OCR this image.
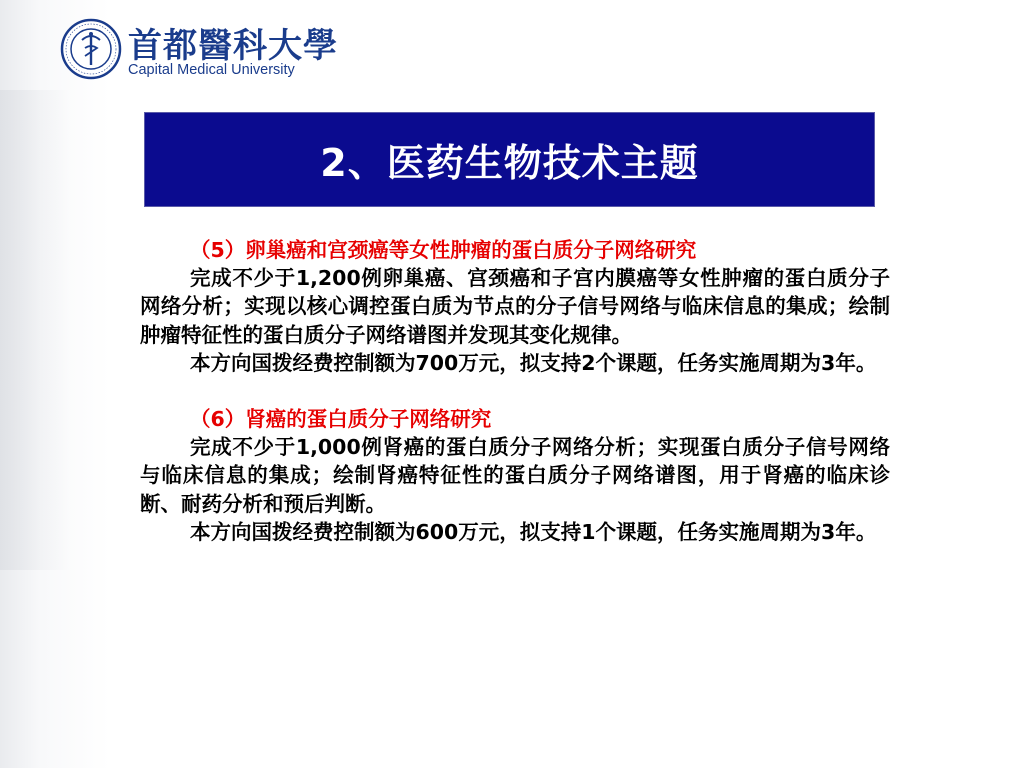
首都醫科大學
Capital Medical University
2、医药生物技术主题
（5）卵巢癌和宫颈癌等女性肿瘤的蛋白质分子网络研究

完成不少于1,200例卵巢癌、宫颈癌和子宫内膜癌等女性肿瘤的蛋白质分子网络分析；实现以核心调控蛋白质为节点的分子信号网络与临床信息的集成；绘制肿瘤特征性的蛋白质分子网络谱图并发现其变化规律。

本方向国拨经费控制额为700万元，拟支持2个课题，任务实施周期为3年。

（6）肾癌的蛋白质分子网络研究

完成不少于1,000例肾癌的蛋白质分子网络分析；实现蛋白质分子信号网络与临床信息的集成；绘制肾癌特征性的蛋白质分子网络谱图，用于肾癌的临床诊断、耐药分析和预后判断。

本方向国拨经费控制额为600万元，拟支持1个课题，任务实施周期为3年。
